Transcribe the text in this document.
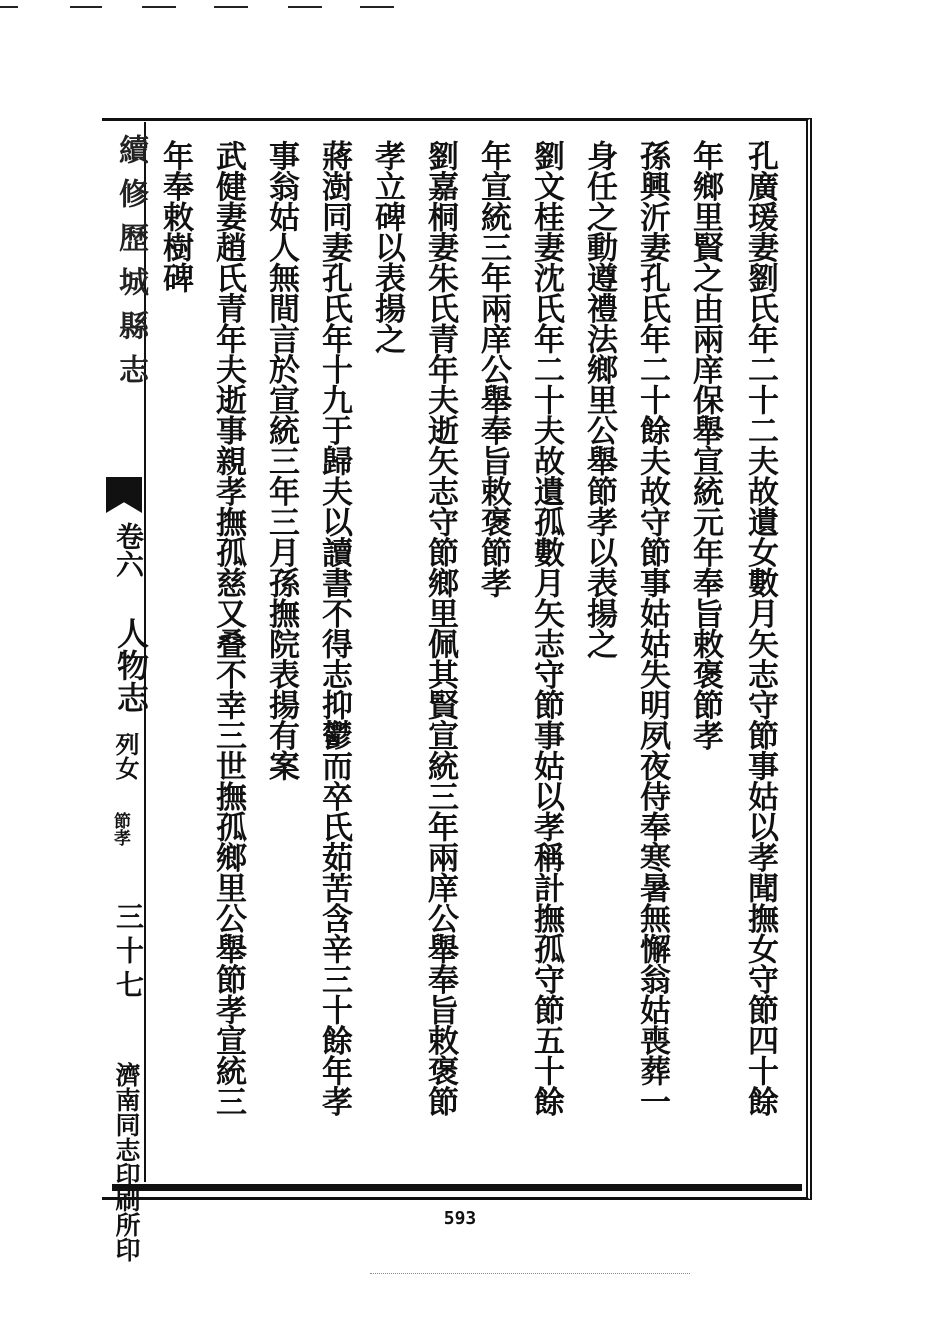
孔廣瑗妻劉氏年二十二夫故遺女數月矢志守節事姑以孝聞撫女守節四十餘
年鄉里賢之由兩庠保舉宣統元年奉旨敕褒節孝
孫興沂妻孔氏年二十餘夫故守節事姑姑失明夙夜侍奉寒暑無懈翁姑喪葬一
身任之動遵禮法鄉里公舉節孝以表揚之
劉文桂妻沈氏年二十夫故遺孤數月矢志守節事姑以孝稱計撫孤守節五十餘
年宣統三年兩庠公舉奉旨敕褒節孝
劉嘉桐妻朱氏青年夫逝矢志守節鄉里佩其賢宣統三年兩庠公舉奉旨敕褒節
孝立碑以表揚之
蔣澍同妻孔氏年十九于歸夫以讀書不得志抑鬱而卒氏茹苦含辛三十餘年孝
事翁姑人無間言於宣統三年三月孫撫院表揚有案
武健妻趙氏青年夫逝事親孝撫孤慈又叠不幸三世撫孤鄉里公舉節孝宣統三
年奉敕樹碑
續修歷城縣志
卷六
人物志
列女
節孝
三十七
濟南同志印刷所印	593
